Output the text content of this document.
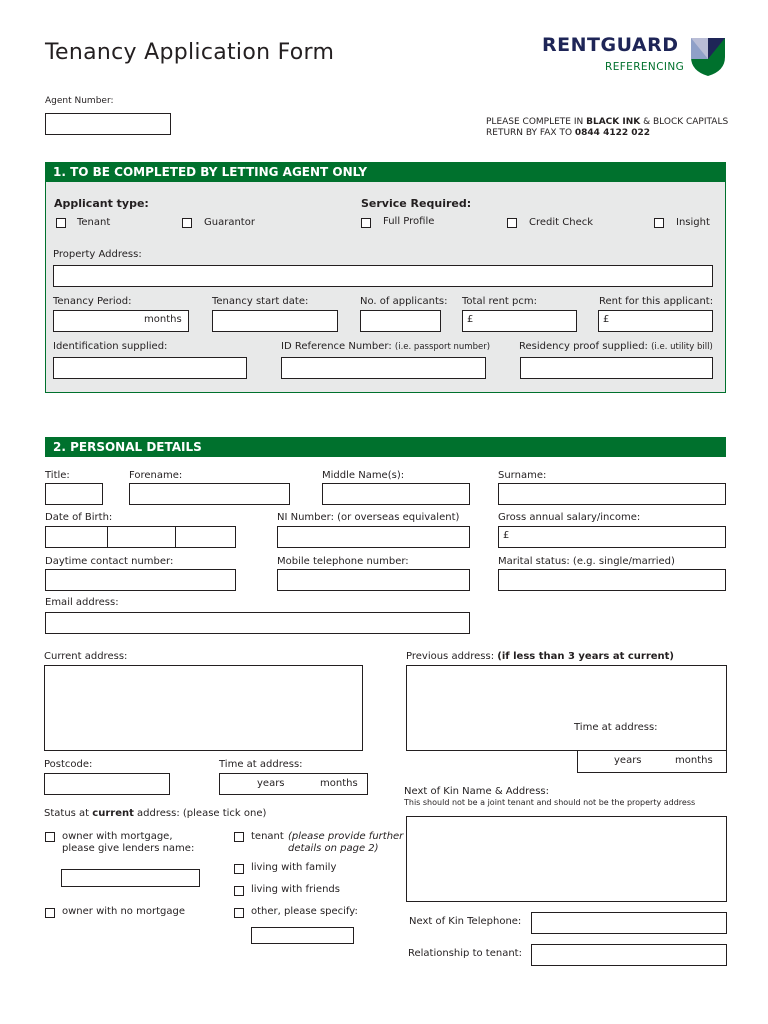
Tenancy Application Form	RENTGUARD
REFERENCING
Agent Number:
PLEASE COMPLETE IN BLACK INK & BLOCK CAPITALS
RETURN BY FAX TO 0844 4122 022
1. TO BE COMPLETED BY LETTING AGENT ONLY
Applicant type:
Tenant	Guarantor
Service Required:
Full Profile	Credit Check	Insight
Property Address:
Tenancy Period:
months
Tenancy start date:	No. of applicants: Total rent pcm:
£
Rent for this applicant:
£
Identification supplied:	ID Reference Number: (i.e. passport number)	Residency proof supplied: (i.e. utility bill)
2. PERSONAL DETAILS
Title:	Forename:	Middle Name(s):	Surname:
Date of Birth:	NI Number: (or overseas equivalent)	Gross annual salary/income:
£
Daytime contact number:	Mobile telephone number:	Marital status: (e.g. single/married)
Email address:
Current address:	Previous address: (if less than 3 years at current)
Time at address:
years	months
Postcode:	Time at address:
years	months
Status at current address: (please tick one)
owner with mortgage,
please give lenders name:
owner with no mortgage
tenant (please provide further
details on page 2)
living with family
living with friends
other, please specify:
Next of Kin Name & Address:
This should not be a joint tenant and should not be the property address
Next of Kin Telephone:
Relationship to tenant:
